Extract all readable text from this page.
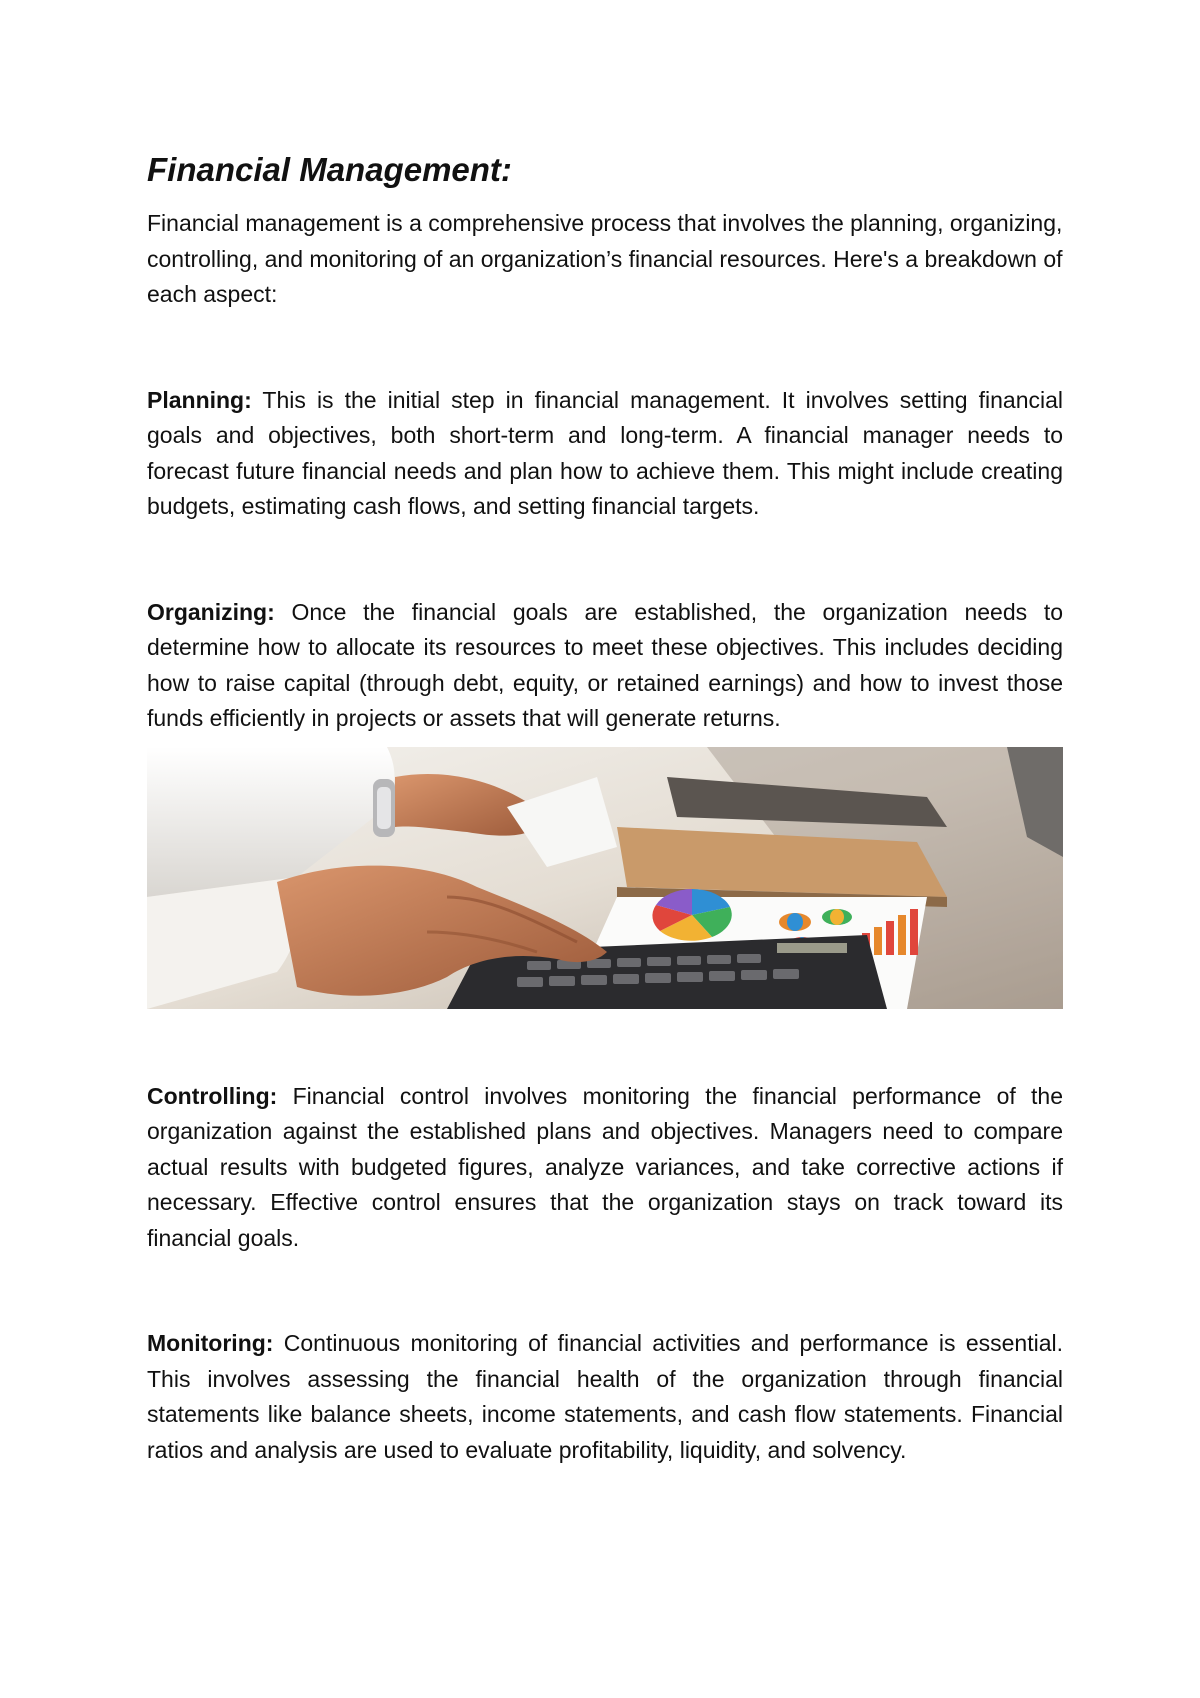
Financial Management:

Financial management is a comprehensive process that involves the planning, organizing, controlling, and monitoring of an organization’s financial resources. Here's a breakdown of each aspect:

Planning: This is the initial step in financial management. It involves setting financial goals and objectives, both short-term and long-term. A financial manager needs to forecast future financial needs and plan how to achieve them. This might include creating budgets, estimating cash flows, and setting financial targets.

Organizing: Once the financial goals are established, the organization needs to determine how to allocate its resources to meet these objectives. This includes deciding how to raise capital (through debt, equity, or retained earnings) and how to invest those funds efficiently in projects or assets that will generate returns.

Controlling: Financial control involves monitoring the financial performance of the organization against the established plans and objectives. Managers need to compare actual results with budgeted figures, analyze variances, and take corrective actions if necessary. Effective control ensures that the organization stays on track toward its financial goals.

Monitoring: Continuous monitoring of financial activities and performance is essential. This involves assessing the financial health of the organization through financial statements like balance sheets, income statements, and cash flow statements. Financial ratios and analysis are used to evaluate profitability, liquidity, and solvency.
